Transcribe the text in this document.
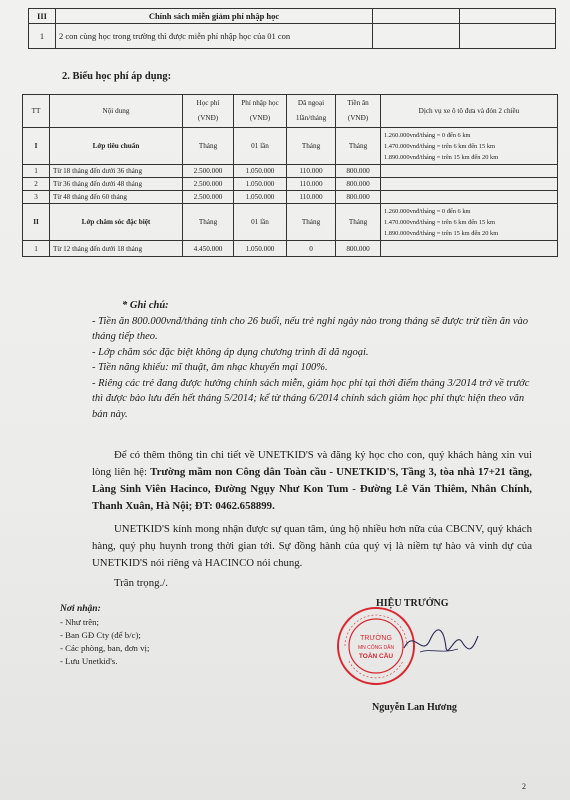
III	Chính sách miễn giảm phí nhập học		
1	2 con cùng học trong trường thì được miễn phí nhập học của 01 con		
2. Biểu học phí áp dụng:
TT	Nội dung	Học phí (VNĐ)	Phí nhập học (VNĐ)	Dã ngoại 1lần/tháng	Tiền ăn (VNĐ)	Dịch vụ xe ô tô đưa và đón 2 chiều
I	Lớp tiêu chuẩn	Tháng	01 lần	Tháng	Tháng	1.260.000vnđ/tháng = 0 đến 6 km
1.470.000vnđ/tháng = trên 6 km đến 15 km
1.890.000vnđ/tháng = trên 15 km đến 20 km

1	Từ 18 tháng đến dưới 36 tháng	2.500.000	1.050.000	110.000	800.000	
2	Từ 36 tháng đến dưới 48 tháng	2.500.000	1.050.000	110.000	800.000	
3	Từ 48 tháng đến 60 tháng	2.500.000	1.050.000	110.000	800.000	
II	Lớp chăm sóc đặc biệt	Tháng	01 lần	Tháng	Tháng	1.260.000vnđ/tháng = 0 đến 6 km
1.470.000vnđ/tháng = trên 6 km đến 15 km
1.890.000vnđ/tháng = trên 15 km đến 20 km

1	Từ 12 tháng đến dưới 18 tháng	4.450.000	1.050.000	0	800.000	

* Ghi chú:

- Tiền ăn 800.000vnđ/tháng tính cho 26 buổi, nếu trẻ nghỉ ngày nào trong tháng sẽ được trừ tiền ăn vào tháng tiếp theo.

- Lớp chăm sóc đặc biệt không áp dụng chương trình đi dã ngoại.

- Tiền năng khiếu: mĩ thuật, âm nhạc khuyến mại 100%.

- Riêng các trẻ đang được hưởng chính sách miễn, giảm học phí tại thời điểm tháng 3/2014 trở về trước thì được bảo lưu đến hết tháng 5/2014; kể từ tháng 6/2014 chính sách giảm học phí thực hiện theo văn bản này.

Để có thêm thông tin chi tiết về UNETKID'S và đăng ký học cho con, quý khách hàng xin vui lòng liên hệ: Trường mầm non Công dân Toàn cầu - UNETKID'S, Tầng 3, tòa nhà 17+21 tầng, Làng Sinh Viên Hacinco, Đường Ngụy Như Kon Tum - Đường Lê Văn Thiêm, Nhân Chính, Thanh Xuân, Hà Nội; ĐT: 0462.658899.

UNETKID'S kính mong nhận được sự quan tâm, ủng hộ nhiều hơn nữa của CBCNV, quý khách hàng, quý phụ huynh trong thời gian tới. Sự đồng hành của quý vị là niềm tự hào và vinh dự của UNETKID'S nói riêng và HACINCO nói chung.

Trân trọng./.
Nơi nhận:
- Như trên;
- Ban GĐ Cty (để b/c);
- Các phòng, ban, đơn vị;
- Lưu Unetkid's.
TRƯỜNG
MN CÔNG DÂN
TOÀN CẦU
HIỆU TRƯỞNG
Nguyễn Lan Hương
2
